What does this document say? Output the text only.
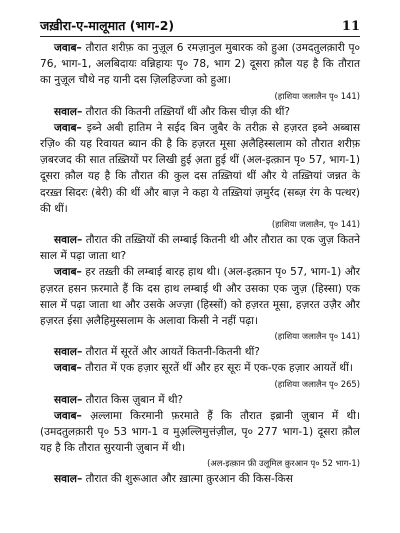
जख़ीरा-ए-मालूमात (भाग-2)	11

जवाब– तौरात शरीफ़ का नुज़ूल 6 रमज़ानुल मुबारक को हुआ (उमदतुलक़ारी पृ० 76, भाग-1, अलबिदायः वन्निहायः पृ० 78, भाग 2) दूसरा क़ौल यह है कि तौरात का नुज़ूल चौथे नह यानी दस ज़िलहिज्जा को हुआ।

(हाशिया जलालैन पृ० 141)

सवाल– तौरात की कितनी तख़्तियाँ थीं और किस चीज़ की थीं?

जवाब– इब्ने अबी हातिम ने सईद बिन जुबैर के तरीक़ से हज़रत इब्ने अब्बास रज़ि० की यह रिवायत ब्यान की है कि हज़रत मूसा अ़लैहिस्सलाम को तौरात शरीफ़ ज़बरजद की सात तख़्तियों पर लिखी हुई अ़ता हुई थीं (अल-इत्क़ान पृ० 57, भाग-1) दूसरा क़ौल यह है कि तौरात की कुल दस तख़्तियां थीं और ये तख़्तियां जन्नत के दरख़्त सिदरः (बेरी) की थीं और बाज़ ने कहा ये तख़्तियां ज़मुर्रद (सब्ज़ रंग के पत्थर) की थीं।

(हाशिया जलालैन, पृ० 141)

सवाल– तौरात की तख़्तियों की लम्बाई कितनी थी और तौरात का एक जुज़ कितने साल में पढ़ा जाता था?

जवाब– हर तख़्ती की लम्बाई बारह हाथ थी। (अल-इत्क़ान पृ० 57, भाग-1) और हज़रत हसन फ़रमाते हैं कि दस हाथ लम्बाई थी और उसका एक जुज़ (हिस्सा) एक साल में पढ़ा जाता था और उसके अज्ज़ा (हिस्सों) को हज़रत मूसा, हज़रत उज़ैर और हज़रत ईसा अ़लैहिमुस्सलाम के अलावा किसी ने नहीं पढ़ा।

(हाशिया जलालैन पृ० 141)

सवाल– तौरात में सूरतें और आयतें कितनी-कितनी थीं?

जवाब– तौरात में एक हज़ार सूरतें थीं और हर सूरः में एक-एक हज़ार आयतें थीं।

(हाशिया जलालैन पृ० 265)

सवाल– तौरात किस ज़ुबान में थी?

जवाब– अ़ल्लामा किरमानी फ़रमाते हैं कि तौरात इब्रानी ज़ुबान में थी। (उमदतुलक़ारी पृ० 53 भाग-1 व मुअ़ल्लिमुत्तंज़ील, पृ० 277 भाग-1) दूसरा क़ौल यह है कि तौरात सुरयानी ज़ुबान में थी।

(अल-इत्क़ान फ़ी उलूमिल क़ुरआन पृ० 52 भाग-1)

सवाल– तौरात की शुरूआत और ख़ात्मा क़ुरआन की किस-किस
